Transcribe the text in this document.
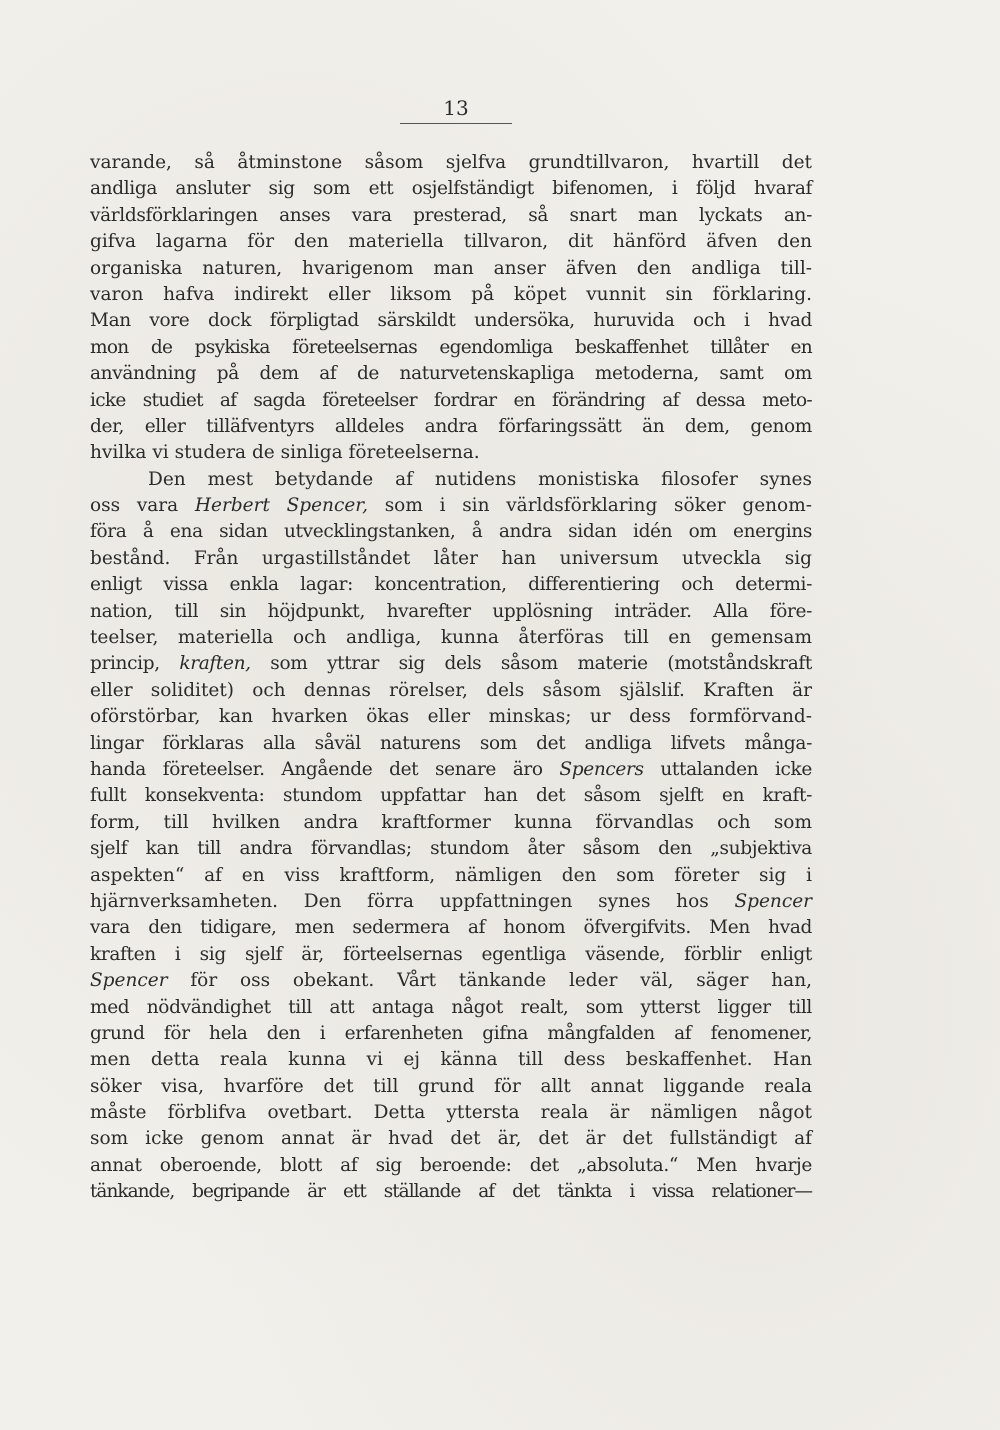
13
varande, så åtminstone såsom sjelfva grundtillvaron, hvartill det
andliga ansluter sig som ett osjelfständigt bifenomen, i följd hvaraf
världsförklaringen anses vara presterad, så snart man lyckats an-
gifva lagarna för den materiella tillvaron, dit hänförd äfven den
organiska naturen, hvarigenom man anser äfven den andliga till-
varon hafva indirekt eller liksom på köpet vunnit sin förklaring.
Man vore dock förpligtad särskildt undersöka, huruvida och i hvad
mon de psykiska företeelsernas egendomliga beskaffenhet tillåter en
användning på dem af de naturvetenskapliga metoderna, samt om
icke studiet af sagda företeelser fordrar en förändring af dessa meto-
der, eller tilläfventyrs alldeles andra förfaringssätt än dem, genom
hvilka vi studera de sinliga företeelserna.
Den mest betydande af nutidens monistiska filosofer synes
oss vara Herbert Spencer, som i sin världsförklaring söker genom-
föra å ena sidan utvecklingstanken, å andra sidan idén om energins
bestånd. Från urgastillståndet låter han universum utveckla sig
enligt vissa enkla lagar: koncentration, differentiering och determi-
nation, till sin höjdpunkt, hvarefter upplösning inträder. Alla före-
teelser, materiella och andliga, kunna återföras till en gemensam
princip, kraften, som yttrar sig dels såsom materie (motståndskraft
eller soliditet) och dennas rörelser, dels såsom själslif. Kraften är
oförstörbar, kan hvarken ökas eller minskas; ur dess formförvand-
lingar förklaras alla såväl naturens som det andliga lifvets många-
handa företeelser. Angående det senare äro Spencers uttalanden icke
fullt konsekventa: stundom uppfattar han det såsom sjelft en kraft-
form, till hvilken andra kraftformer kunna förvandlas och som
sjelf kan till andra förvandlas; stundom åter såsom den „subjektiva
aspekten“ af en viss kraftform, nämligen den som företer sig i
hjärnverksamheten. Den förra uppfattningen synes hos Spencer
vara den tidigare, men sedermera af honom öfvergifvits. Men hvad
kraften i sig sjelf är, förteelsernas egentliga väsende, förblir enligt
Spencer för oss obekant. Vårt tänkande leder väl, säger han,
med nödvändighet till att antaga något realt, som ytterst ligger till
grund för hela den i erfarenheten gifna mångfalden af fenomener,
men detta reala kunna vi ej känna till dess beskaffenhet. Han
söker visa, hvarföre det till grund för allt annat liggande reala
måste förblifva ovetbart. Detta yttersta reala är nämligen något
som icke genom annat är hvad det är, det är det fullständigt af
annat oberoende, blott af sig beroende: det „absoluta.“ Men hvarje
tänkande, begripande är ett ställande af det tänkta i vissa relationer—
